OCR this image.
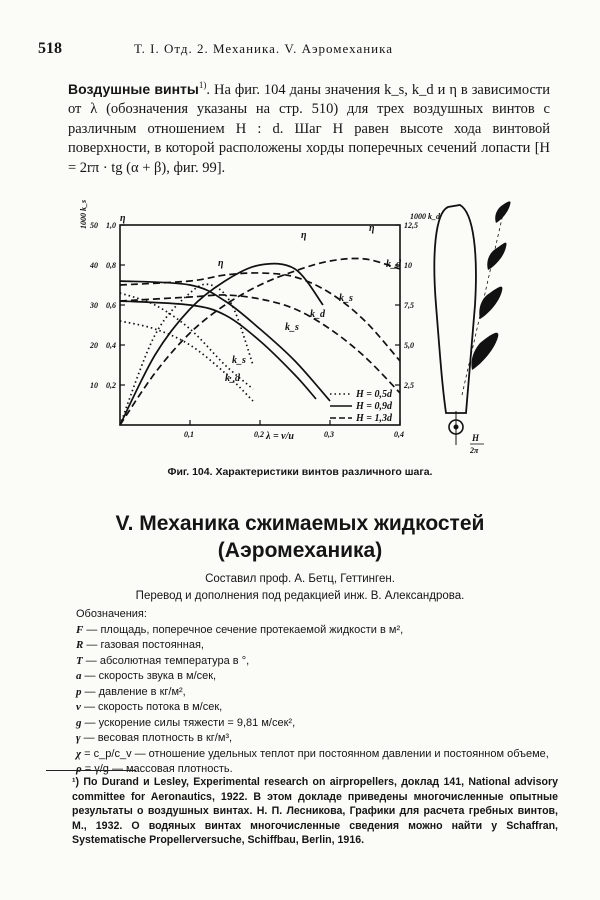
518	Т. I. Отд. 2. Механика. V. Аэромеханика
Воздушные винты$^{1)}$. На фиг. 104 даны значения k_s, k_d и η в зависимости от λ (обозначения указаны на стр. 510) для трех воздушных винтов с различным отношением H : d. Шаг H равен высоте хода винтовой поверхности, в которой расположены хорды поперечных сечений лопасти [H = 2rπ · tg (α + β), фиг. 99].
1,0
50
0,8
40
0,6
30
0,4
20
0,2
10
12,5
10
7,5
5,0
2,5
0,1	0,2	0,3	0,4
1000 k_s	η	1000 k_d
λ = v/u
η
η
η	k_d
k_d
k_d
k_s
k_s
k_s
H = 0,5d
H = 0,9d
H = 1,3d
H
2π
Фиг. 104. Характеристики винтов различного шага.
V. Механика сжимаемых жидкостей
(Аэромеханика)
Составил проф. А. Бетц, Геттинген.
Перевод и дополнения под редакцией инж. В. Александрова.
Обозначения:
F — площадь, поперечное сечение протекаемой жидкости в м²,
R — газовая постоянная,
T — абсолютная температура в °,
a — скорость звука в м/сек,
p — давление в кг/м²,
v — скорость потока в м/сек,
g — ускорение силы тяжести = 9,81 м/сек²,
γ — весовая плотность в кг/м³,
χ = c_p/c_v — отношение удельных теплот при постоянном давлении и постоянном объеме,
ρ = γ/g — массовая плотность.
¹) По Durand и Lesley, Experimental research on airpropellers, доклад 141, National advisory committee for Aeronautics, 1922. В этом докладе приведены многочисленные опытные результаты о воздушных винтах. Н. П. Лесникова, Графики для расчета гребных винтов, М., 1932. О водяных винтах многочисленные сведения можно найти у Schaffran, Systematische Propellerversuche, Schiffbau, Berlin, 1916.
